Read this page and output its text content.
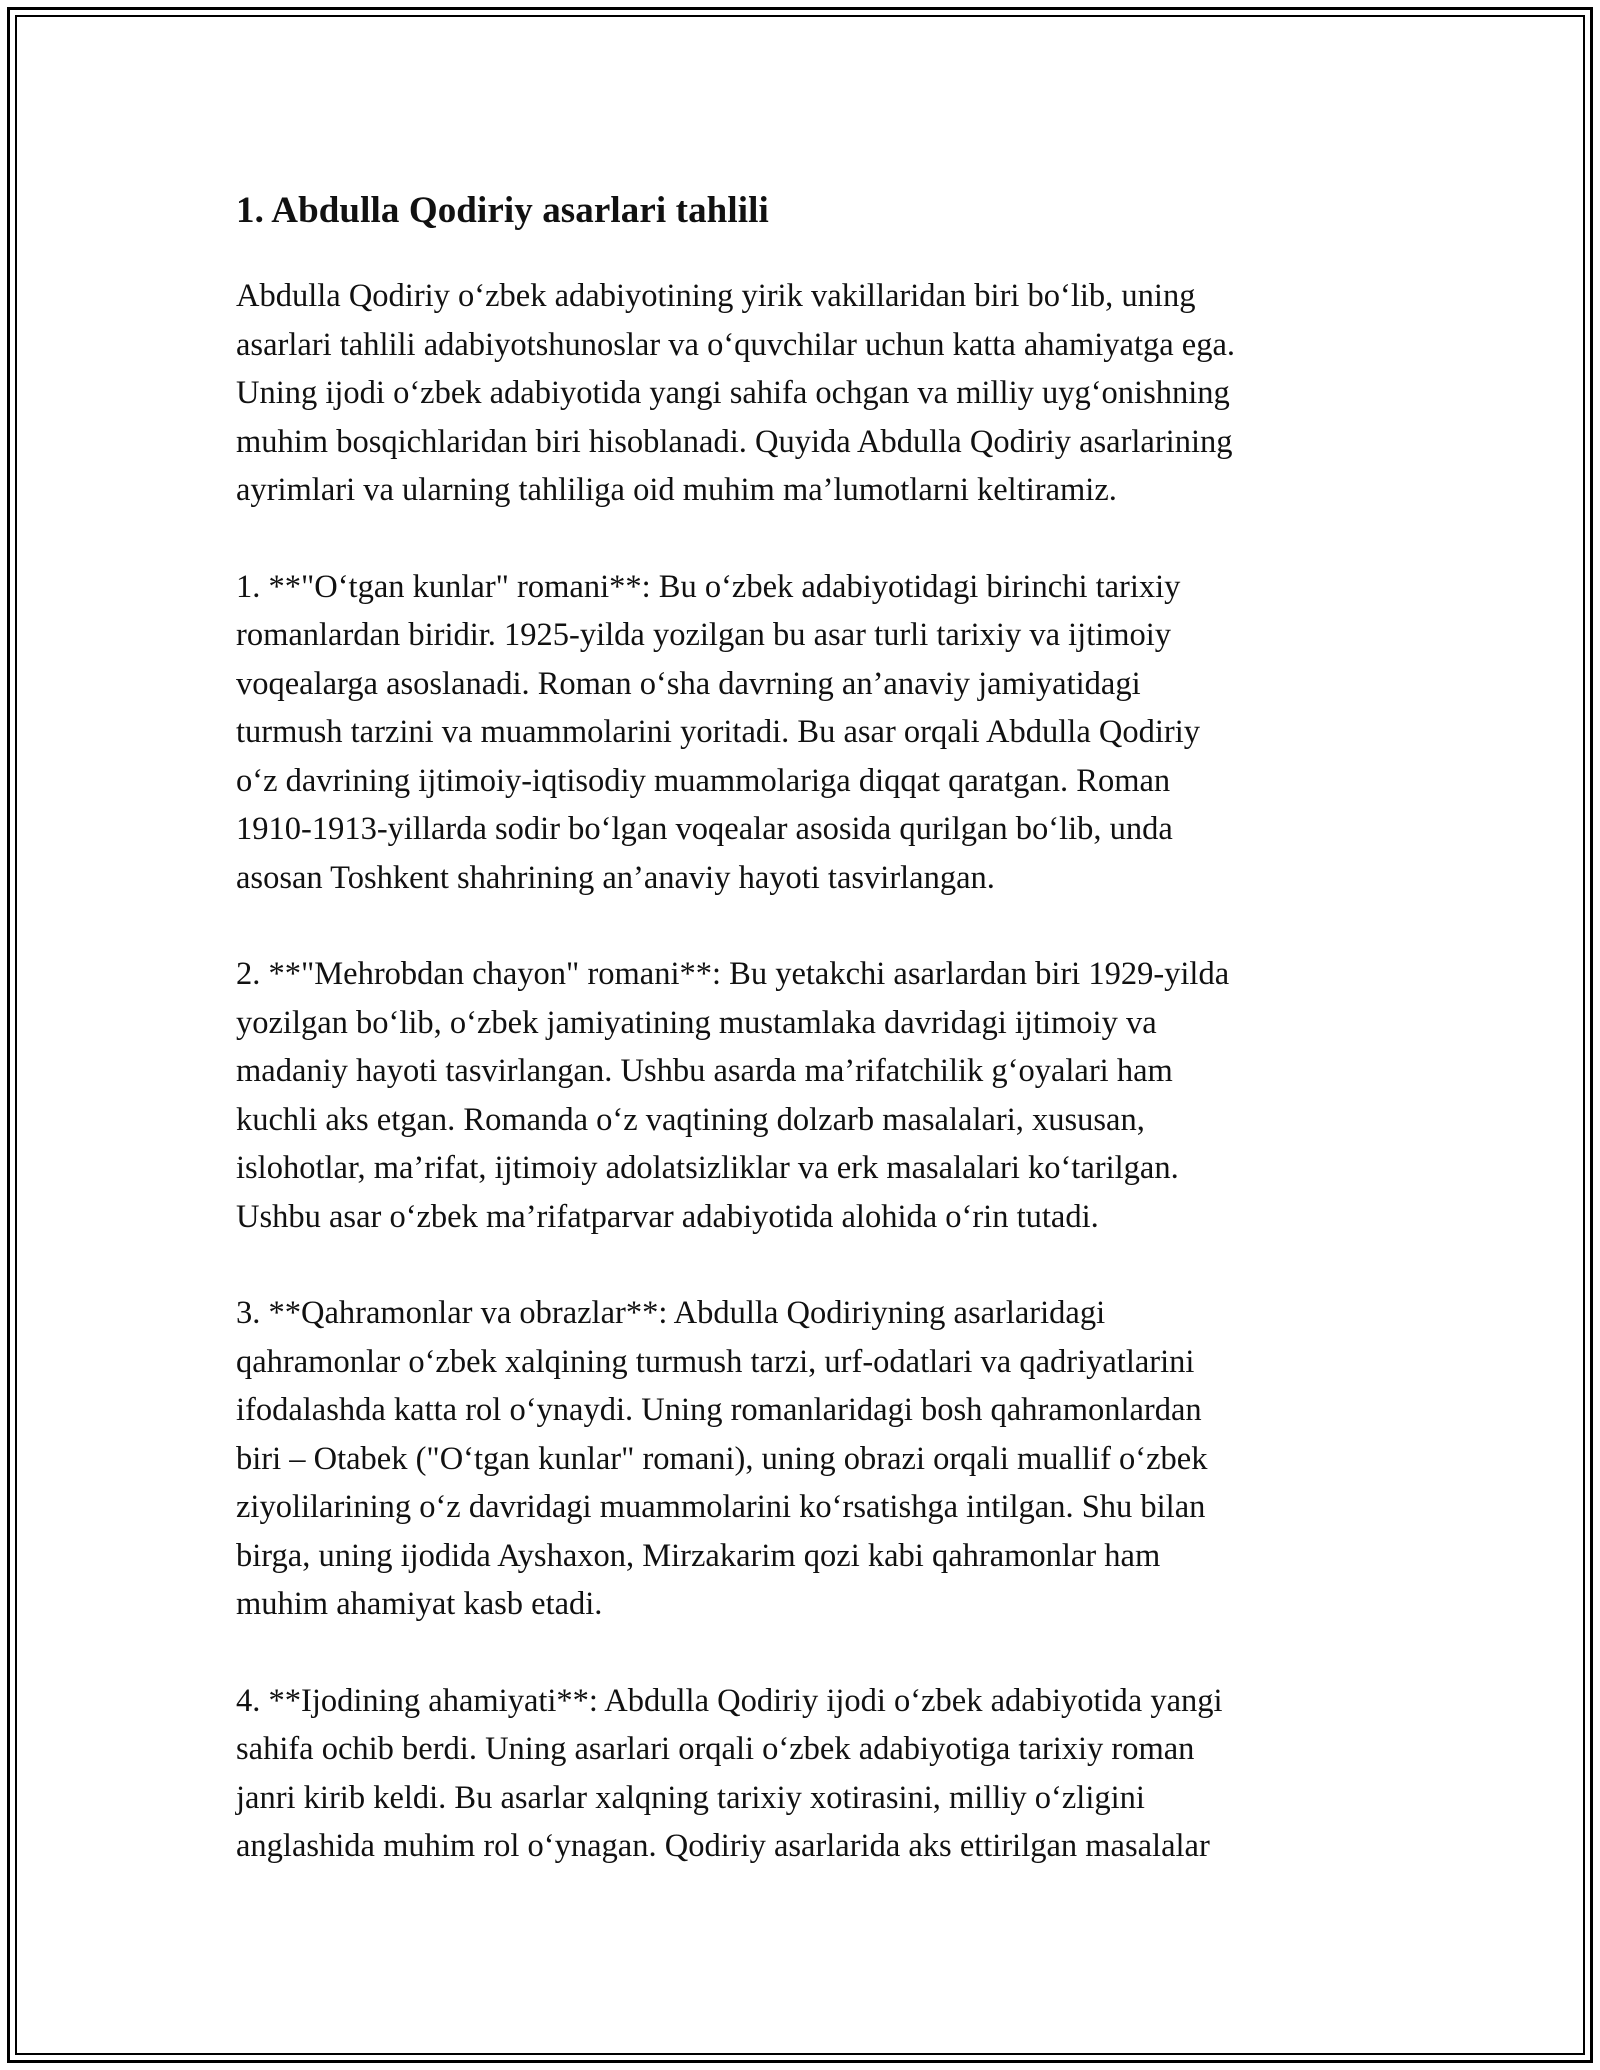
1. Abdulla Qodiriy asarlari tahlili

Abdulla Qodiriy o‘zbek adabiyotining yirik vakillaridan biri bo‘lib, uning
asarlari tahlili adabiyotshunoslar va o‘quvchilar uchun katta ahamiyatga ega.
Uning ijodi o‘zbek adabiyotida yangi sahifa ochgan va milliy uyg‘onishning
muhim bosqichlaridan biri hisoblanadi. Quyida Abdulla Qodiriy asarlarining
ayrimlari va ularning tahliliga oid muhim ma’lumotlarni keltiramiz.

1. **"O‘tgan kunlar" romani**: Bu o‘zbek adabiyotidagi birinchi tarixiy
romanlardan biridir. 1925-yilda yozilgan bu asar turli tarixiy va ijtimoiy
voqealarga asoslanadi. Roman o‘sha davrning an’anaviy jamiyatidagi
turmush tarzini va muammolarini yoritadi. Bu asar orqali Abdulla Qodiriy
o‘z davrining ijtimoiy-iqtisodiy muammolariga diqqat qaratgan. Roman
1910-1913-yillarda sodir bo‘lgan voqealar asosida qurilgan bo‘lib, unda
asosan Toshkent shahrining an’anaviy hayoti tasvirlangan.

2. **"Mehrobdan chayon" romani**: Bu yetakchi asarlardan biri 1929-yilda
yozilgan bo‘lib, o‘zbek jamiyatining mustamlaka davridagi ijtimoiy va
madaniy hayoti tasvirlangan. Ushbu asarda ma’rifatchilik g‘oyalari ham
kuchli aks etgan. Romanda o‘z vaqtining dolzarb masalalari, xususan,
islohotlar, ma’rifat, ijtimoiy adolatsizliklar va erk masalalari ko‘tarilgan.
Ushbu asar o‘zbek ma’rifatparvar adabiyotida alohida o‘rin tutadi.

3. **Qahramonlar va obrazlar**: Abdulla Qodiriyning asarlaridagi
qahramonlar o‘zbek xalqining turmush tarzi, urf-odatlari va qadriyatlarini
ifodalashda katta rol o‘ynaydi. Uning romanlaridagi bosh qahramonlardan
biri – Otabek ("O‘tgan kunlar" romani), uning obrazi orqali muallif o‘zbek
ziyolilarining o‘z davridagi muammolarini ko‘rsatishga intilgan. Shu bilan
birga, uning ijodida Ayshaxon, Mirzakarim qozi kabi qahramonlar ham
muhim ahamiyat kasb etadi.

4. **Ijodining ahamiyati**: Abdulla Qodiriy ijodi o‘zbek adabiyotida yangi
sahifa ochib berdi. Uning asarlari orqali o‘zbek adabiyotiga tarixiy roman
janri kirib keldi. Bu asarlar xalqning tarixiy xotirasini, milliy o‘zligini
anglashida muhim rol o‘ynagan. Qodiriy asarlarida aks ettirilgan masalalar
